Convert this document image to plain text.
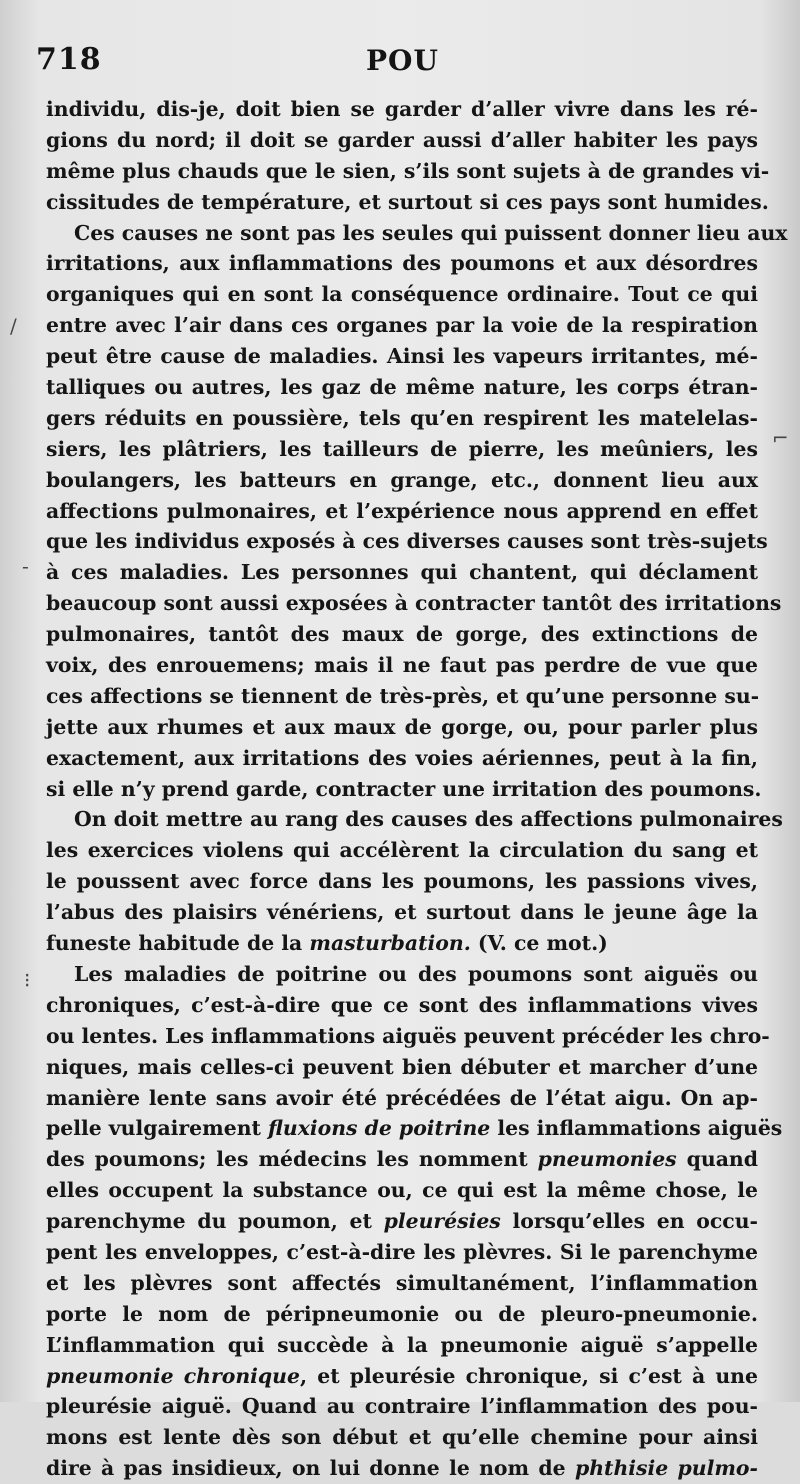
718	POU
individu, dis-je, doit bien se garder d’aller vivre dans les ré-
gions du nord; il doit se garder aussi d’aller habiter les pays
même plus chauds que le sien, s’ils sont sujets à de grandes vi-
cissitudes de température, et surtout si ces pays sont humides.
Ces causes ne sont pas les seules qui puissent donner lieu aux
irritations, aux inflammations des poumons et aux désordres
organiques qui en sont la conséquence ordinaire. Tout ce qui
entre avec l’air dans ces organes par la voie de la respiration
peut être cause de maladies. Ainsi les vapeurs irritantes, mé-
talliques ou autres, les gaz de même nature, les corps étran-
gers réduits en poussière, tels qu’en respirent les matelelas-
siers, les plâtriers, les tailleurs de pierre, les meûniers, les
boulangers, les batteurs en grange, etc., donnent lieu aux
affections pulmonaires, et l’expérience nous apprend en effet
que les individus exposés à ces diverses causes sont très-sujets
à ces maladies. Les personnes qui chantent, qui déclament
beaucoup sont aussi exposées à contracter tantôt des irritations
pulmonaires, tantôt des maux de gorge, des extinctions de
voix, des enrouemens; mais il ne faut pas perdre de vue que
ces affections se tiennent de très-près, et qu’une personne su-
jette aux rhumes et aux maux de gorge, ou, pour parler plus
exactement, aux irritations des voies aériennes, peut à la fin,
si elle n’y prend garde, contracter une irritation des poumons.
On doit mettre au rang des causes des affections pulmonaires
les exercices violens qui accélèrent la circulation du sang et
le poussent avec force dans les poumons, les passions vives,
l’abus des plaisirs vénériens, et surtout dans le jeune âge la
funeste habitude de la masturbation. (V. ce mot.)
Les maladies de poitrine ou des poumons sont aiguës ou
chroniques, c’est-à-dire que ce sont des inflammations vives
ou lentes. Les inflammations aiguës peuvent précéder les chro-
niques, mais celles-ci peuvent bien débuter et marcher d’une
manière lente sans avoir été précédées de l’état aigu. On ap-
pelle vulgairement fluxions de poitrine les inflammations aiguës
des poumons; les médecins les nomment pneumonies quand
elles occupent la substance ou, ce qui est la même chose, le
parenchyme du poumon, et pleurésies lorsqu’elles en occu-
pent les enveloppes, c’est-à-dire les plèvres. Si le parenchyme
et les plèvres sont affectés simultanément, l’inflammation
porte le nom de péripneumonie ou de pleuro-pneumonie.
L’inflammation qui succède à la pneumonie aiguë s’appelle
pneumonie chronique, et pleurésie chronique, si c’est à une
pleurésie aiguë. Quand au contraire l’inflammation des pou-
mons est lente dès son début et qu’elle chemine pour ainsi
dire à pas insidieux, on lui donne le nom de phthisie pulmo-
/
⌐
-
⁝
